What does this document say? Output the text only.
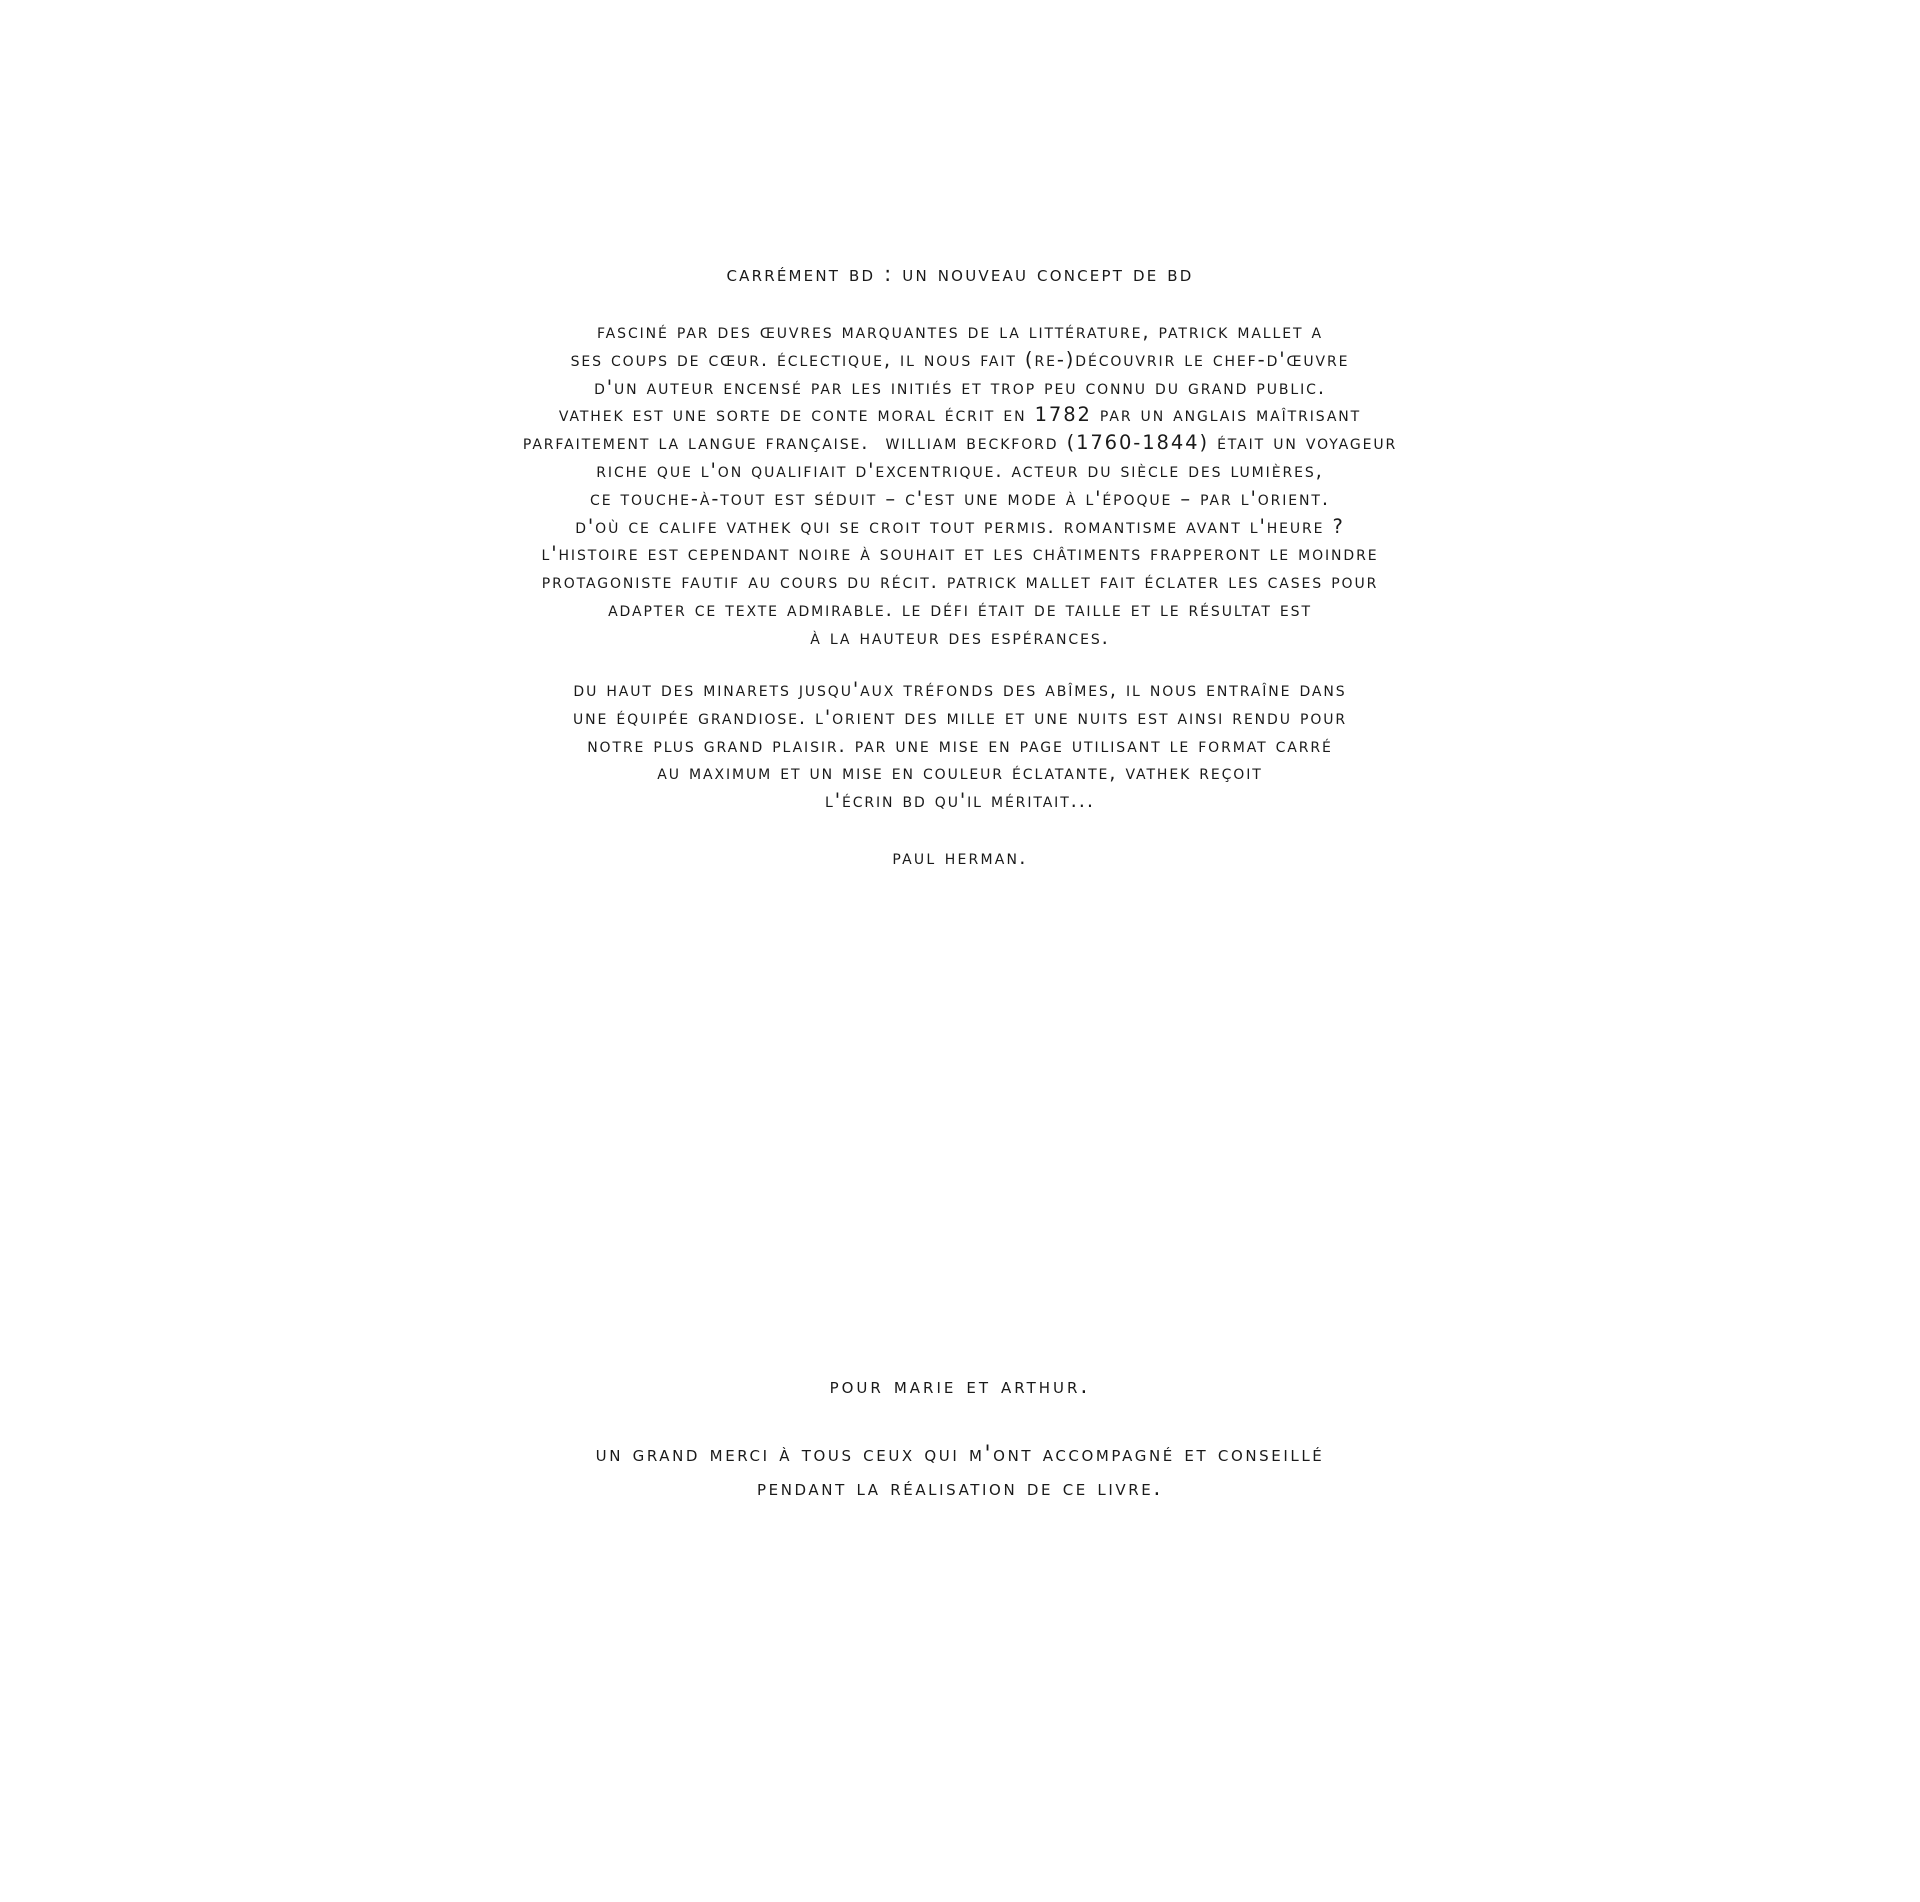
carrément bd : un nouveau concept de bd
fasciné par des œuvres marquantes de la littérature, patrick mallet a
ses coups de cœur. éclectique, il nous fait (re-)découvrir le chef-d'œuvre
d'un auteur encensé par les initiés et trop peu connu du grand public.
vathek est une sorte de conte moral écrit en 1782 par un anglais maîtrisant
parfaitement la langue française.  william beckford (1760-1844) était un voyageur
riche que l'on qualifiait d'excentrique. acteur du siècle des lumières,
ce touche-à-tout est séduit – c'est une mode à l'époque – par l'orient.
d'où ce calife vathek qui se croit tout permis. romantisme avant l'heure ?
l'histoire est cependant noire à souhait et les châtiments frapperont le moindre
protagoniste fautif au cours du récit. patrick mallet fait éclater les cases pour
adapter ce texte admirable. le défi était de taille et le résultat est
à la hauteur des espérances.
du haut des minarets jusqu'aux tréfonds des abîmes, il nous entraîne dans
une équipée grandiose. l'orient des mille et une nuits est ainsi rendu pour
notre plus grand plaisir. par une mise en page utilisant le format carré
au maximum et un mise en couleur éclatante, vathek reçoit
l'écrin bd qu'il méritait...
paul herman.
pour marie et arthur.
un grand merci à tous ceux qui m'ont accompagné et conseillé
pendant la réalisation de ce livre.
